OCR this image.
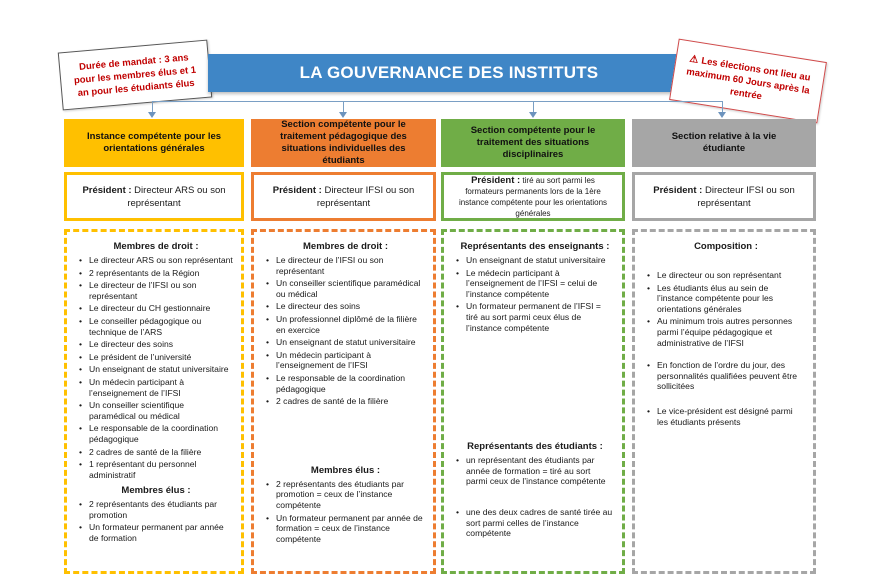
Durée de mandat : 3 ans pour les membres élus et 1 an pour les étudiants élus
LA GOUVERNANCE DES INSTITUTS
⚠Les élections ont lieu au maximum 60 Jours après la rentrée
Instance compétente pour les orientations générales
Président : Directeur ARS ou son représentant
Membres de droit :
• Le directeur ARS ou son représentant
• 2 représentants de la Région
• Le directeur de l’IFSI ou son représentant
• Le directeur du CH gestionnaire
• Le conseiller pédagogique ou technique de l’ARS
• Le directeur des soins
• Le président de l’université
• Un enseignant de statut universitaire
• Un médecin participant à l’enseignement de l’IFSI
• Un conseiller scientifique paramédical ou médical
• Le responsable de la coordination pédagogique
• 2 cadres de santé de la filière
• 1 représentant du personnel administratif
Membres élus :
• 2 représentants des étudiants par promotion
• Un formateur permanent par année de formation
Section compétente pour le traitement pédagogique des situations individuelles des étudiants
Président : Directeur IFSI ou son représentant
Membres de droit :
• Le directeur de l’IFSI ou son représentant
• Un conseiller scientifique paramédical ou médical
• Le directeur des soins
• Un professionnel diplômé de la filière en exercice
• Un enseignant de statut universitaire
• Un médecin participant à l’enseignement de l’IFSI
• Le responsable de la coordination pédagogique
• 2 cadres de santé de la filière
Membres élus :
• 2 représentants des étudiants par promotion = ceux de l’instance compétente
• Un formateur permanent par année de formation = ceux de l’instance compétente
Section compétente pour le traitement des situations disciplinaires
Président : tiré au sort parmi les formateurs permanents lors de la 1ère instance compétente pour les orientations générales
Représentants des enseignants :
• Un enseignant de statut universitaire
• Le médecin participant à l’enseignement de l’IFSI = celui de l’instance compétente
• Un formateur permanent de l’IFSI = tiré au sort parmi ceux élus de l’instance compétente
Représentants des étudiants :
• un représentant des étudiants par année de formation = tiré au sort parmi ceux de l’instance compétente
• une des deux cadres de santé tirée au sort parmi celles de l’instance compétente
Section relative à la vie étudiante
Président : Directeur IFSI ou son représentant
Composition :
• Le directeur ou son représentant
• Les étudiants élus au sein de l’instance compétente pour les orientations générales
• Au minimum trois autres personnes parmi l’équipe pédagogique et administrative de l’IFSI
• En fonction de l’ordre du jour, des personnalités qualifiées peuvent être sollicitées
• Le vice-président est désigné parmi les étudiants présents
